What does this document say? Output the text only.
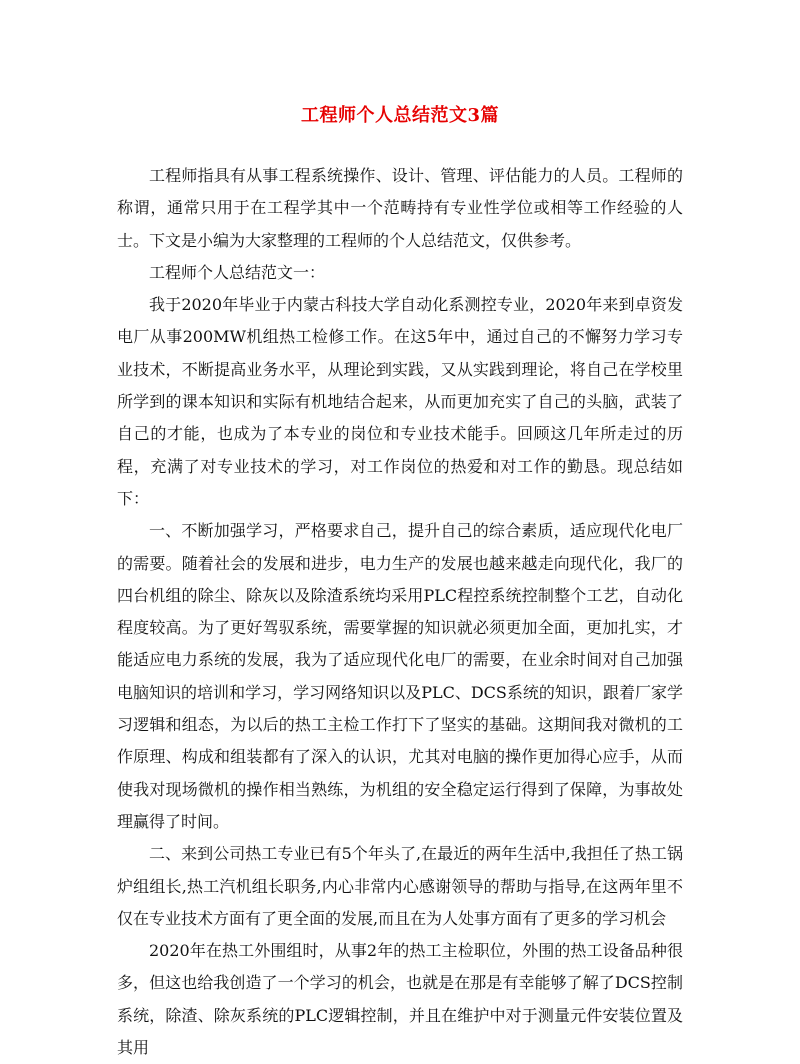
工程师个人总结范文3篇

工程师指具有从事工程系统操作、设计、管理、评估能力的人员。工程师的称谓，通常只用于在工程学其中一个范畴持有专业性学位或相等工作经验的人士。下文是小编为大家整理的工程师的个人总结范文，仅供参考。

工程师个人总结范文一：

我于2020年毕业于内蒙古科技大学自动化系测控专业，2020年来到卓资发电厂从事200MW机组热工检修工作。在这5年中，通过自己的不懈努力学习专业技术，不断提高业务水平，从理论到实践，又从实践到理论，将自己在学校里所学到的课本知识和实际有机地结合起来，从而更加充实了自己的头脑，武装了自己的才能，也成为了本专业的岗位和专业技术能手。回顾这几年所走过的历程，充满了对专业技术的学习，对工作岗位的热爱和对工作的勤恳。现总结如下：

一、不断加强学习，严格要求自己，提升自己的综合素质，适应现代化电厂的需要。随着社会的发展和进步，电力生产的发展也越来越走向现代化，我厂的四台机组的除尘、除灰以及除渣系统均采用PLC程控系统控制整个工艺，自动化程度较高。为了更好驾驭系统，需要掌握的知识就必须更加全面，更加扎实，才能适应电力系统的发展，我为了适应现代化电厂的需要，在业余时间对自己加强电脑知识的培训和学习，学习网络知识以及PLC、DCS系统的知识，跟着厂家学习逻辑和组态，为以后的热工主检工作打下了坚实的基础。这期间我对微机的工作原理、构成和组装都有了深入的认识，尤其对电脑的操作更加得心应手，从而使我对现场微机的操作相当熟练，为机组的安全稳定运行得到了保障，为事故处理赢得了时间。

二、来到公司热工专业已有5个年头了,在最近的两年生活中,我担任了热工锅炉组组长,热工汽机组长职务,内心非常内心感谢领导的帮助与指导,在这两年里不仅在专业技术方面有了更全面的发展,而且在为人处事方面有了更多的学习机会

2020年在热工外围组时，从事2年的热工主检职位，外围的热工设备品种很多，但这也给我创造了一个学习的机会，也就是在那是有幸能够了解了DCS控制系统，除渣、除灰系统的PLC逻辑控制，并且在维护中对于测量元件安装位置及其用
